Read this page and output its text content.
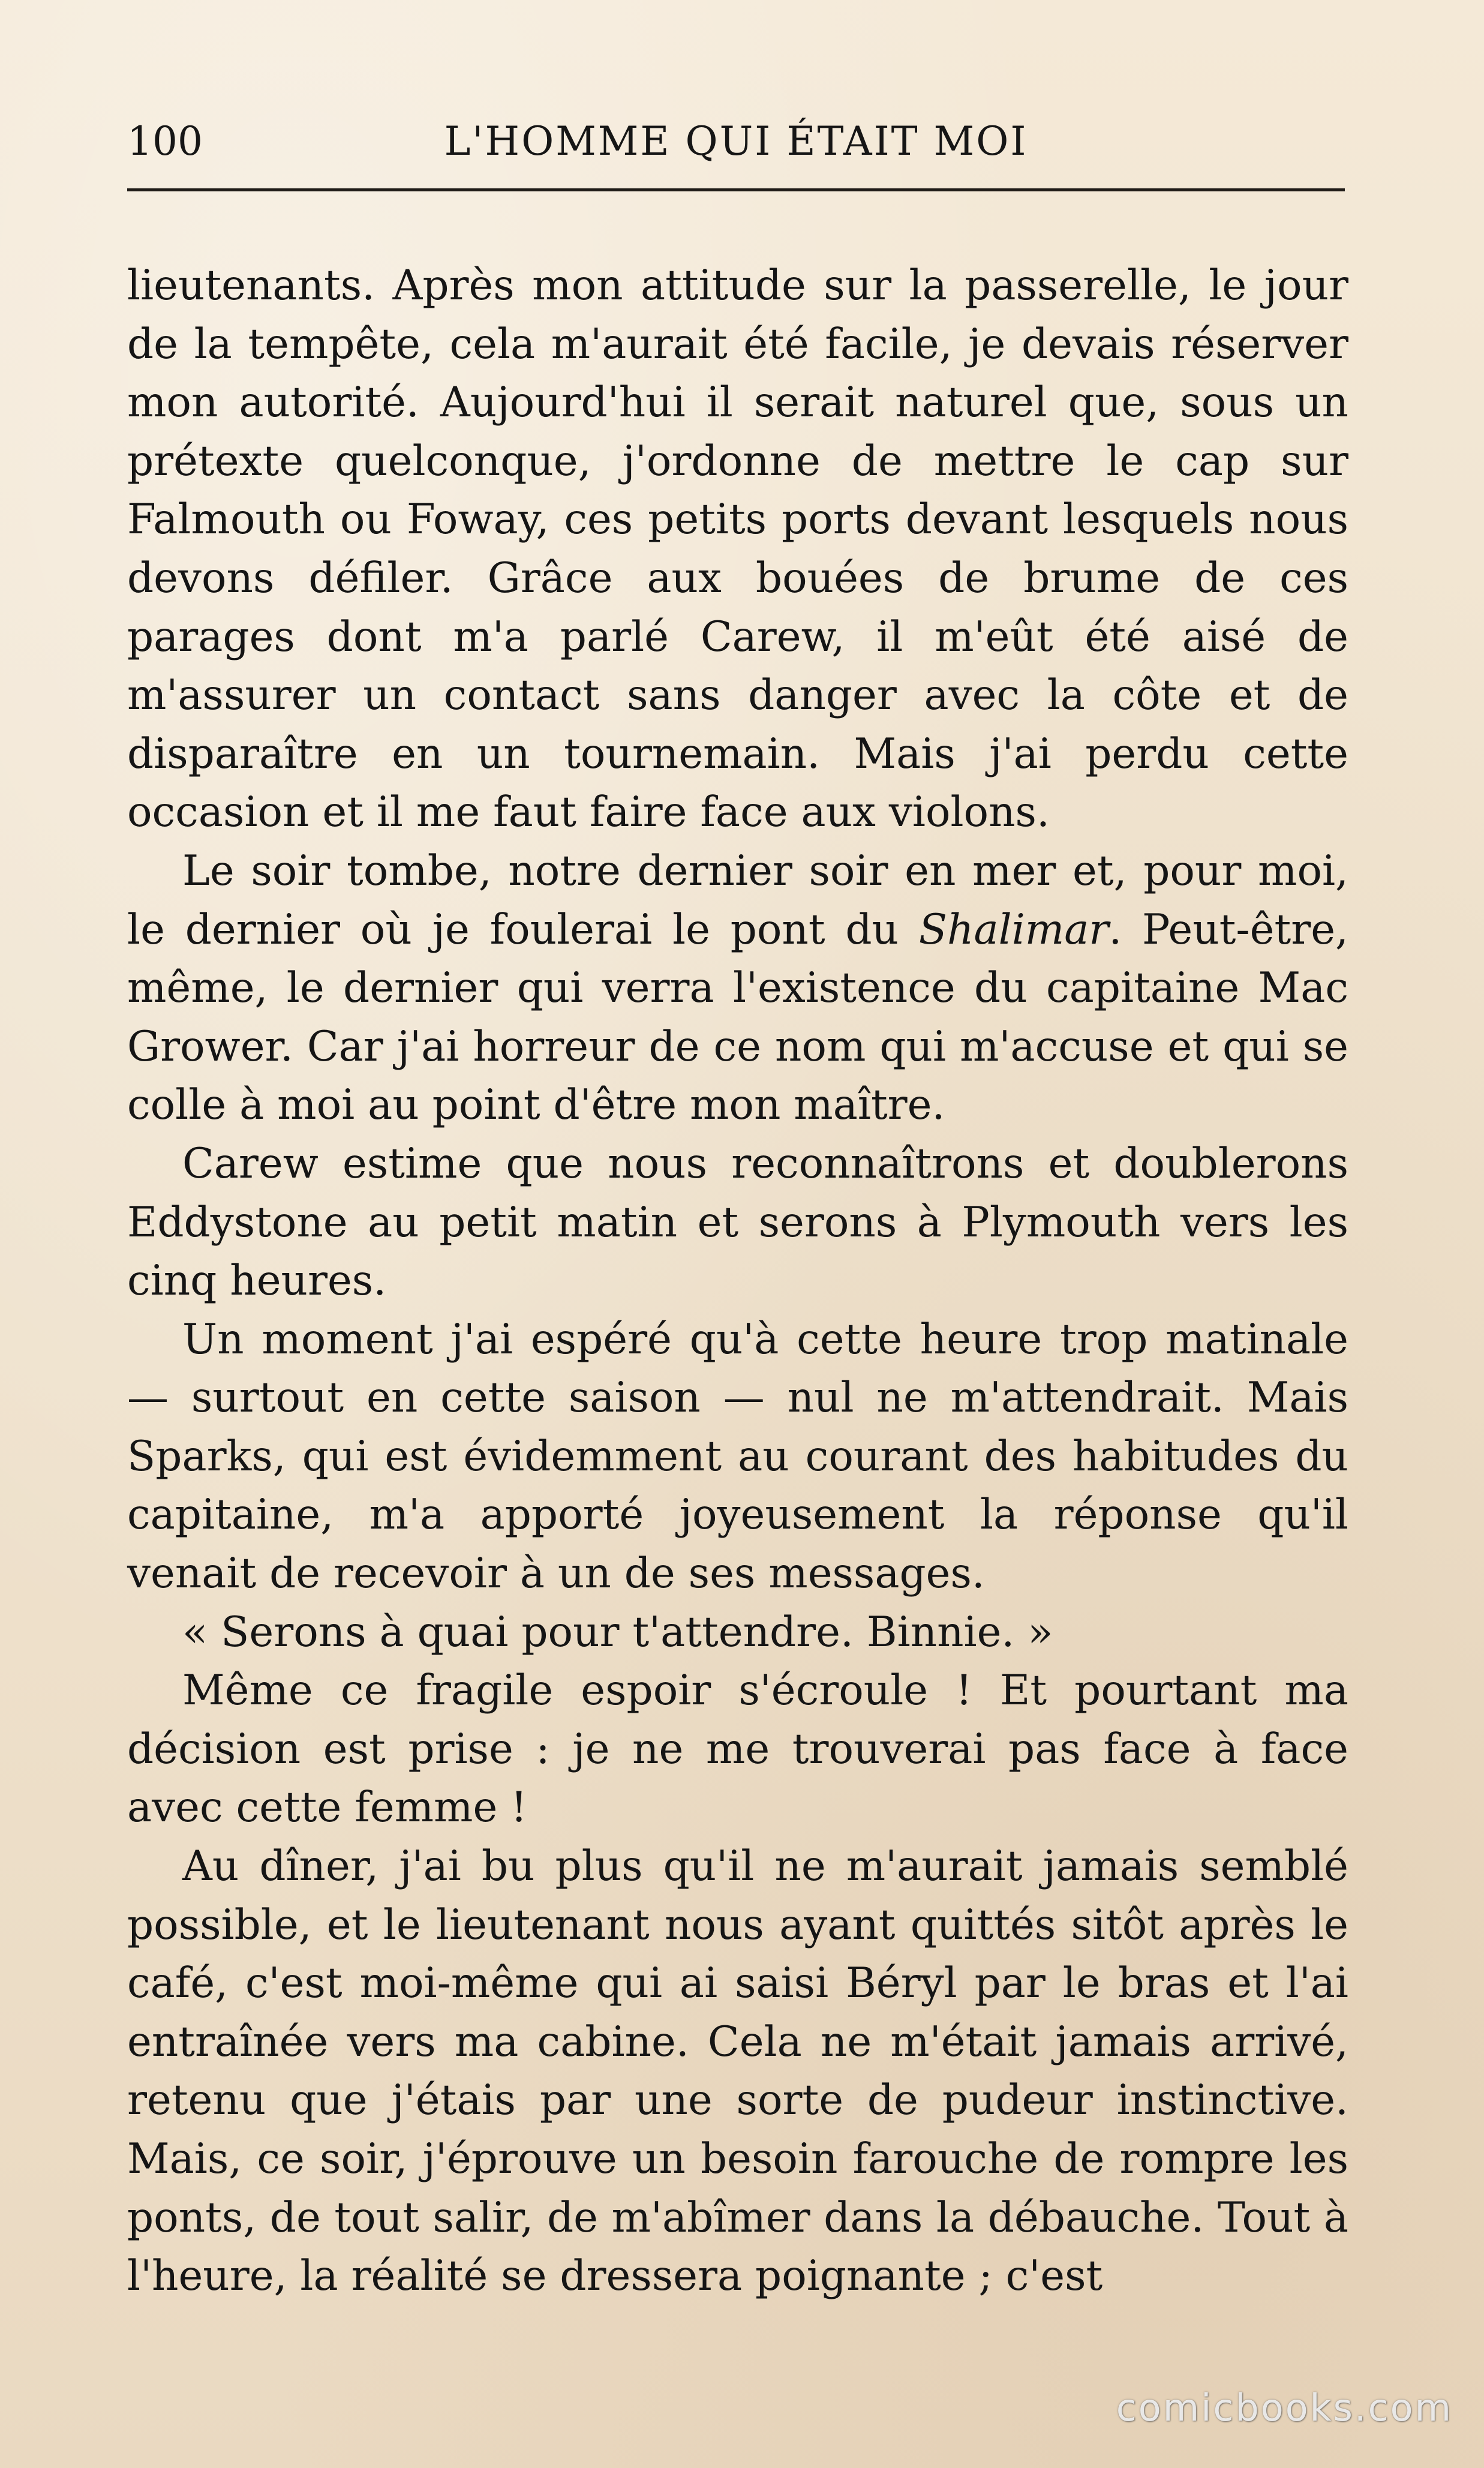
100	L'HOMME QUI ÉTAIT MOI

lieutenants. Après mon attitude sur la passerelle, le jour de la tempête, cela m'aurait été facile, je devais réserver mon autorité. Aujourd'hui il serait naturel que, sous un prétexte quelconque, j'ordonne de mettre le cap sur Falmouth ou Foway, ces petits ports devant lesquels nous devons défiler. Grâce aux bouées de brume de ces parages dont m'a parlé Carew, il m'eût été aisé de m'assurer un contact sans danger avec la côte et de disparaître en un tournemain. Mais j'ai perdu cette occasion et il me faut faire face aux violons.

Le soir tombe, notre dernier soir en mer et, pour moi, le dernier où je foulerai le pont du Shalimar. Peut-être, même, le dernier qui verra l'existence du capitaine Mac Grower. Car j'ai horreur de ce nom qui m'accuse et qui se colle à moi au point d'être mon maître.

Carew estime que nous reconnaîtrons et doublerons Eddystone au petit matin et serons à Plymouth vers les cinq heures.

Un moment j'ai espéré qu'à cette heure trop matinale — surtout en cette saison — nul ne m'attendrait. Mais Sparks, qui est évidemment au courant des habitudes du capitaine, m'a apporté joyeusement la réponse qu'il venait de recevoir à un de ses messages.

« Serons à quai pour t'attendre. Binnie. »

Même ce fragile espoir s'écroule ! Et pourtant ma décision est prise : je ne me trouverai pas face à face avec cette femme !

Au dîner, j'ai bu plus qu'il ne m'aurait jamais semblé possible, et le lieutenant nous ayant quittés sitôt après le café, c'est moi-même qui ai saisi Béryl par le bras et l'ai entraînée vers ma cabine. Cela ne m'était jamais arrivé, retenu que j'étais par une sorte de pudeur instinctive. Mais, ce soir, j'éprouve un besoin farouche de rompre les ponts, de tout salir, de m'abîmer dans la débauche. Tout à l'heure, la réalité se dressera poignante ; c'est

comicbooks.com
